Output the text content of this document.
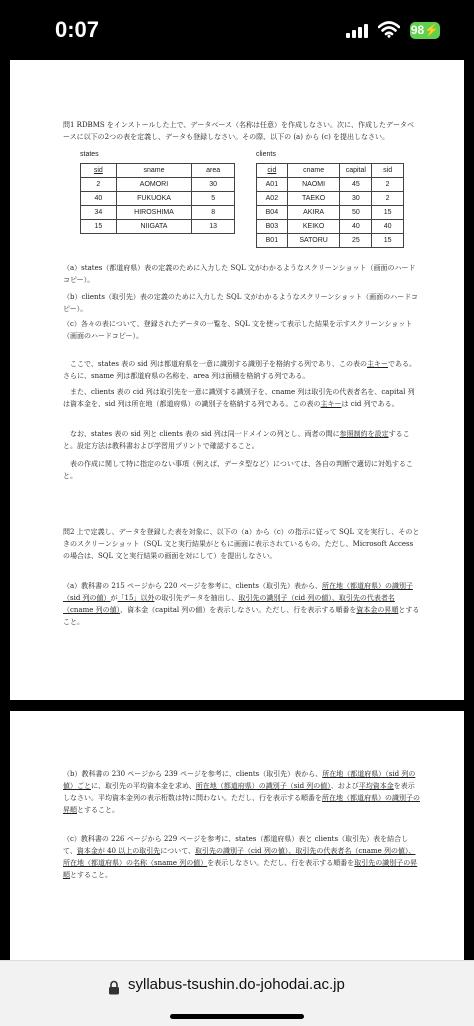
0:07	98⚡

問1 RDBMS をインストールした上で、データベース（名称は任意）を作成しなさい。次に、作成したデータベースに以下の2つの表を定義し、データも登録しなさい。その際、以下の (a) から (c) を提出しなさい。

states
sid	sname	area
2	AOMORI	30
40	FUKUOKA	5
34	HIROSHIMA	8
15	NIIGATA	13
clients
cid	cname	capital	sid
A01	NAOMI	45	2
A02	TAEKO	30	2
B04	AKIRA	50	15
B03	KEIKO	40	40
B01	SATORU	25	15

（a）states（都道府県）表の定義のために入力した SQL 文がわかるようなスクリーンショット（画面のハードコピー）。

（b）clients（取引先）表の定義のために入力した SQL 文がわかるようなスクリーンショット（画面のハードコピー）。

（c）各々の表について、登録されたデータの一覧を、SQL 文を使って表示した結果を示すスクリーンショット（画面のハードコピー）。

ここで、states 表の sid 列は都道府県を一意に識別する識別子を格納する列であり、この表の主キーである。さらに、sname 列は都道府県の名称を、area 列は面積を格納する列である。

また、clients 表の cid 列は取引先を一意に識別する識別子を、cname 列は取引先の代表者名を、capital 列は資本金を、sid 列は所在地（都道府県）の識別子を格納する列である。この表の主キーは cid 列である。

なお、states 表の sid 列と clients 表の sid 列は同一ドメインの列とし、両者の間に参照制約を設定すること。設定方法は教科書および学習用プリントで確認すること。

表の作成に関して特に指定のない事項（例えば、データ型など）については、各自の判断で適切に対処すること。

問2 上で定義し、データを登録した表を対象に、以下の（a）から（c）の指示に従って SQL 文を実行し、そのときのスクリーンショット（SQL 文と実行結果がともに画面に表示されているもの。ただし、Microsoft Access の場合は、SQL 文と実行結果の画面を対にして）を提出しなさい。

（a）教科書の 215 ページから 220 ページを参考に、clients（取引先）表から、所在地（都道府県）の識別子（sid 列の値）が「15」以外の取引先データを抽出し、取引先の識別子（cid 列の値）、取引先の代表者名（cname 列の値）、資本金（capital 列の値）を表示しなさい。ただし、行を表示する順番を資本金の昇順とすること。

（b）教科書の 230 ページから 239 ページを参考に、clients（取引先）表から、所在地（都道府県）（sid 列の値）ごとに、取引先の平均資本金を求め、所在地（都道府県）の識別子（sid 列の値）、および平均資本金を表示しなさい。平均資本金列の表示桁数は特に問わない。ただし、行を表示する順番を所在地（都道府県）の識別子の昇順とすること。

（c）教科書の 226 ページから 229 ページを参考に、states（都道府県）表と clients（取引先）表を結合して、資本金が 40 以上の取引先について、取引先の識別子（cid 列の値）、取引先の代表者名（cname 列の値）、所在地（都道府県）の名称（sname 列の値）を表示しなさい。ただし、行を表示する順番を取引先の識別子の昇順とすること。

syllabus-tsushin.do-johodai.ac.jp
